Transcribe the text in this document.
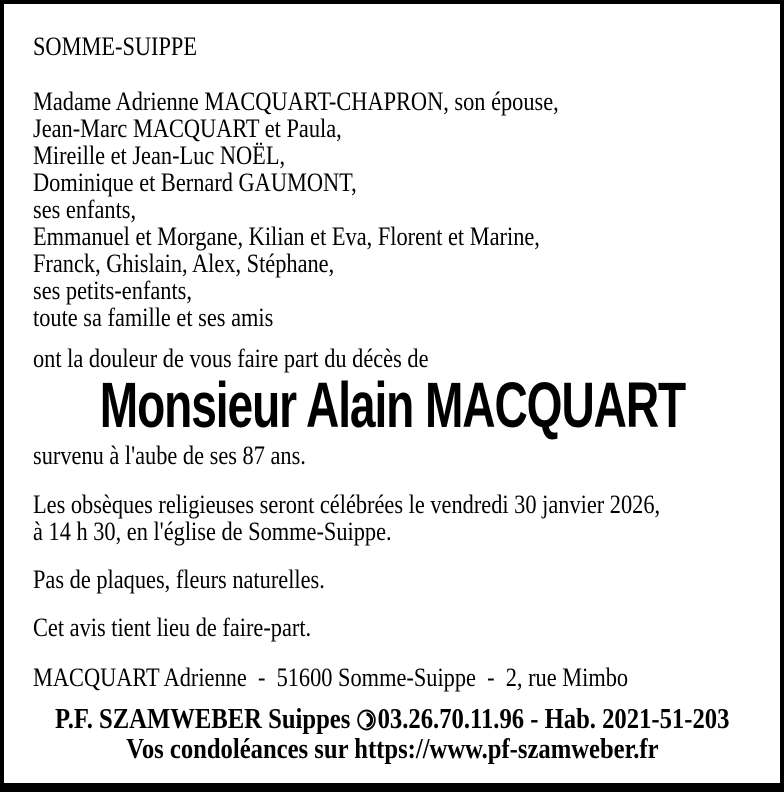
SOMME-SUIPPE
Madame Adrienne MACQUART-CHAPRON, son épouse,
Jean-Marc MACQUART et Paula,
Mireille et Jean-Luc NOËL,
Dominique et Bernard GAUMONT,
ses enfants,
Emmanuel et Morgane, Kilian et Eva, Florent et Marine,
Franck, Ghislain, Alex, Stéphane,
ses petits-enfants,
toute sa famille et ses amis
ont la douleur de vous faire part du décès de
Monsieur Alain MACQUART
survenu à l'aube de ses 87 ans.
Les obsèques religieuses seront célébrées le vendredi 30 janvier 2026,
à 14 h 30, en l'église de Somme-Suippe.
Pas de plaques, fleurs naturelles.
Cet avis tient lieu de faire-part.
MACQUART Adrienne  -  51600 Somme-Suippe  -  2, rue Mimbo
P.F. SZAMWEBER Suippes 03.26.70.11.96 - Hab. 2021-51-203
Vos condoléances sur https://www.pf-szamweber.fr
